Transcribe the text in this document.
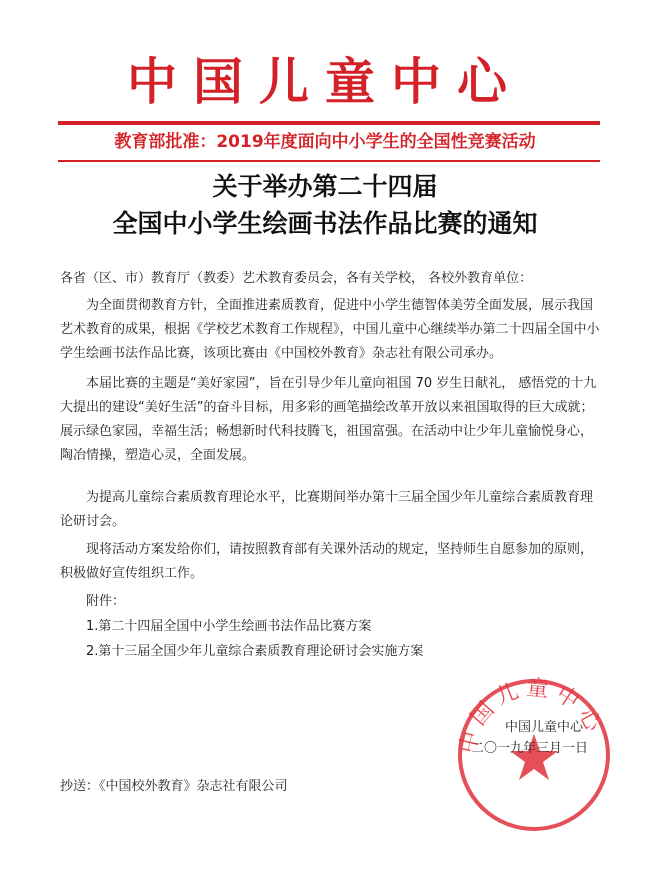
中国儿童中心
教育部批准：2019年度面向中小学生的全国性竞赛活动
关于举办第二十四届
全国中小学生绘画书法作品比赛的通知
各省（区、市）教育厅（教委）艺术教育委员会，各有关学校， 各校外教育单位：

为全面贯彻教育方针，全面推进素质教育，促进中小学生德智体美劳全面发展，展示我国艺术教育的成果，根据《学校艺术教育工作规程》，中国儿童中心继续举办第二十四届全国中小学生绘画书法作品比赛，该项比赛由《中国校外教育》杂志社有限公司承办。

本届比赛的主题是“美好家园”，旨在引导少年儿童向祖国 70 岁生日献礼， 感悟党的十九大提出的建设“美好生活”的奋斗目标，用多彩的画笔描绘改革开放以来祖国取得的巨大成就；展示绿色家园，幸福生活；畅想新时代科技腾飞，祖国富强。在活动中让少年儿童愉悦身心，陶冶情操，塑造心灵，全面发展。

为提高儿童综合素质教育理论水平，比赛期间举办第十三届全国少年儿童综合素质教育理论研讨会。

现将活动方案发给你们，请按照教育部有关课外活动的规定，坚持师生自愿参加的原则，积极做好宣传组织工作。

附件：
1.第二十四届全国中小学生绘画书法作品比赛方案
2.第十三届全国少年儿童综合素质教育理论研讨会实施方案
中国儿童中心
中国儿童中心
二〇一九年三月一日
抄送：《中国校外教育》杂志社有限公司
